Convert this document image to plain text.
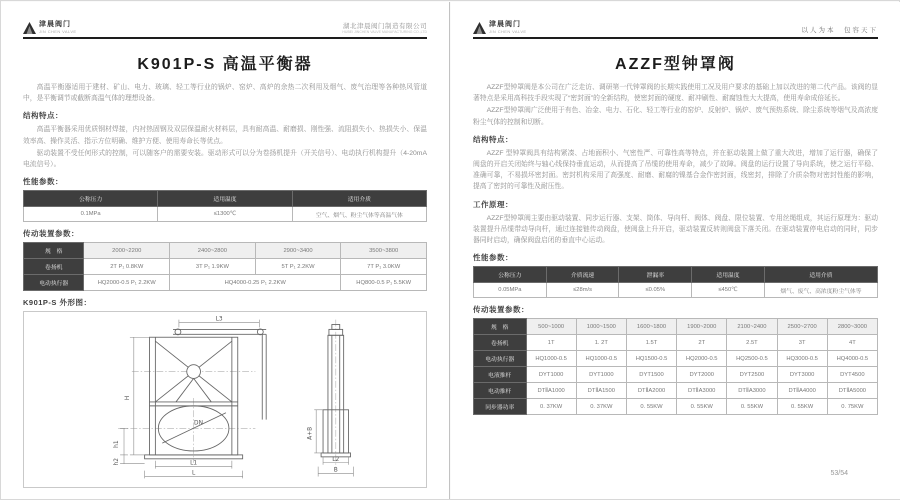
津晨阀门
JIN CHEN VALVE
湖北津晨阀门制造有限公司
HUBEI JINCHEN VALVE MANUFACTURING CO.,LTD
K901P-S 高温平衡器

高温平衡器适用于建材、矿山、电力、玻璃、轻工等行业的锅炉、窑炉、高炉的余热二次利用及烟气、废气治理等各种热风管道中，是平衡调节或截断高温气体的理想设备。

结构特点：

高温平衡器采用优质钢材焊接，内衬热固钢及双层保温耐火材料层，具有耐高温、耐磨损、刚性强、流阻损失小、热损失小、保温效率高、操作灵活、指示方位明确、维护方便、使用寿命长等优点。

驱动装置不受任何形式的控制，可以随客户的需要安装。驱动形式可以分为卷扬机提升（开关信号）、电动执行机构提升（4-20mA电流信号）。

性能参数：
公称压力	适用温度	适用介质
0.1MPa	≤1300℃	空气、烟气、粉尘气体等高温气体
传动装置参数：
规　格	2000~2200	2400~2800	2900~3400	3500~3800
卷扬机	2T P₁ 0.8KW	3T P₁ 1.9KW	5T P₁ 2.2KW	7T P₁ 3.0KW
电动执行器	HQ2000-0.5 P₁ 2.2KW	HQ4000-0.25 P₁ 2.2KW		HQ800-0.5 P₁ 5.5KW
K901P-S 外形图：
L3
H
DN
h1
h2	L1
L
A+B
L2
B
津晨阀门
JIN CHEN VALVE	以人为本　包容天下
AZZF型钟罩阀

AZZF型钟罩阀是本公司在广泛走访、调研第一代钟罩阀的长期实践使用工况及用户要求的基础上加以改进的第二代产品。该阀的显著特点是采用高科技手段实现了“密封面”的全新结构，使密封面的硬度、耐冲刷性、耐腐蚀性大大提高，使用寿命成倍延长。

AZZF型钟罩阀广泛使用于有色、冶金、电力、石化、轻工等行业的窑炉、反射炉、锅炉、废气预热系统、除尘系统等烟气及高浓度粉尘气体的控制和切断。

结构特点：

AZZF 型钟罩阀具有结构紧凑、占地面积小、气密性严、可靠性高等特点，并在驱动装置上做了重大改进，增加了运行器，确保了阀盘的开启关闭始终与轴心线保持垂直运动，从而提高了吊缆的使用寿命，减少了故障。阀盘的运行设置了导向系统，使之运行平稳、准确可靠，不易损坏密封面。密封机构采用了高强度、耐磨、耐腐的镍基合金作密封面，线密封，排除了介质杂物对密封性能的影响，提高了密封的可靠性及耐压性。

工作原理：

AZZF型钟罩阀主要由驱动装置、同步运行器、支架、筒体、导向杆、阀体、阀盘、限位装置、专用丝绳组成，其运行原理为：驱动装置提升吊缆带动导向杆，通过连接链传动阀盘，使阀盘上升开启，驱动装置反转则阀盘下落关闭。在驱动装置停电启动的同时，同步器同时启动，确保阀盘启闭的垂直中心运动。

性能参数：
公称压力	介质流速	泄漏率	适用温度	适用介质
0.05MPa	≤28m/s	≤0.05%	≤450℃	烟气、废气、高浓度粉尘气体等
传动装置参数：
规　格	500~1000	1000~1500	1600~1800	1900~2000	2100~2400	2500~2700	2800~3000
卷扬机	1T	1. 2T	1.5T	2T	2.5T	3T	4T
电动执行器	HQ1000-0.5	HQ1000-0.5	HQ1500-0.5	HQ2000-0.5	HQ2500-0.5	HQ3000-0.5	HQ4000-0.5
电液推杆	DYT1000	DYT1000	DYT1500	DYT2000	DYT2500	DYT3000	DYT4500
电动推杆	DTⅡA1000	DTⅡA1500	DTⅡA2000	DTⅡA3000	DTⅡA3000	DTⅡA4000	DTⅡA5000
同步器功率	0. 37KW	0. 37KW	0. 55KW	0. 55KW	0. 55KW	0. 55KW	0. 75KW
53/54
